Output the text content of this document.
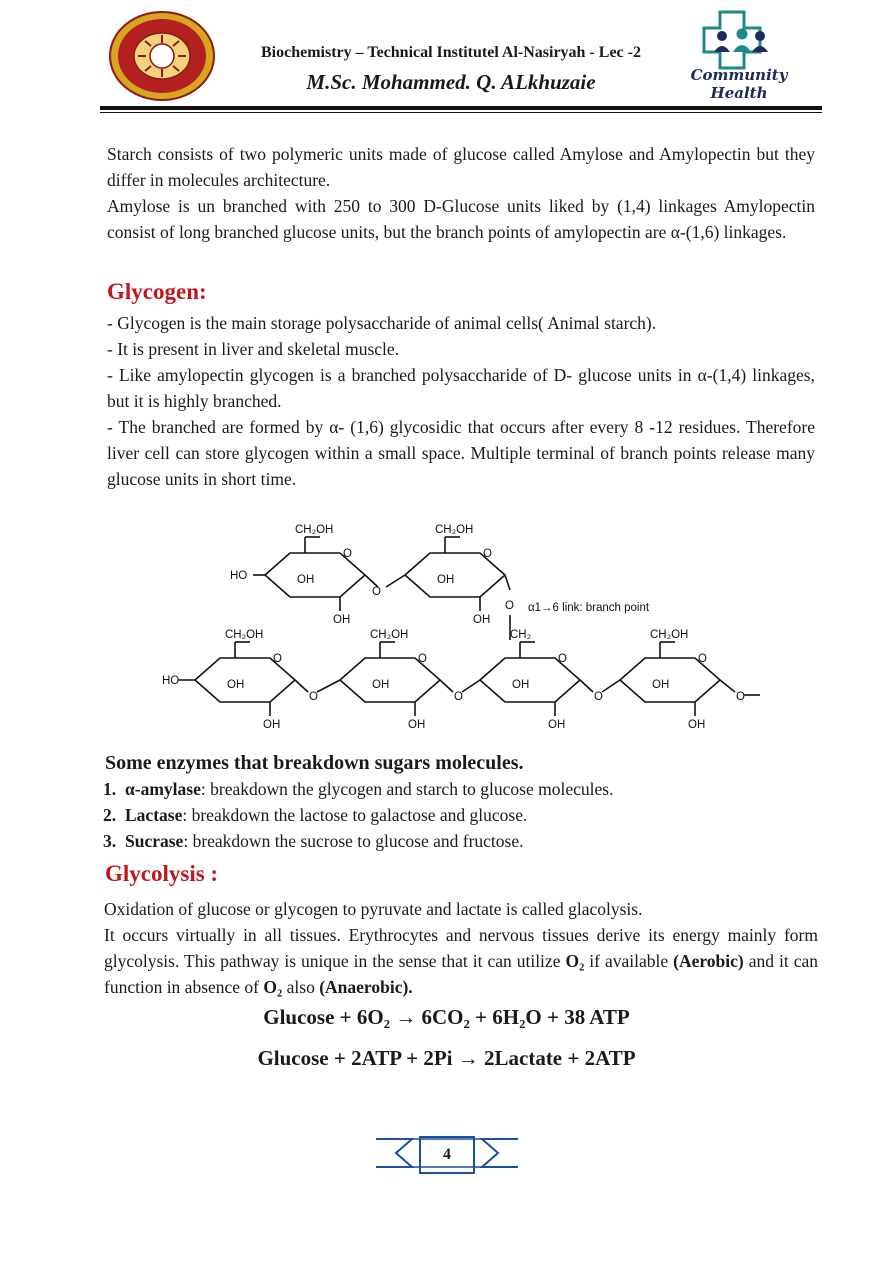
Biochemistry – Technical Institutel Al-Nasiryah - Lec -2
M.Sc. Mohammed. Q. ALkhuzaie	Community Health

Starch consists of two polymeric units made of glucose called Amylose and Amylopectin but they differ in molecules architecture.

Amylose is un branched with 250 to 300 D-Glucose units liked by (1,4) linkages Amylopectin consist of long branched glucose units, but the branch points of amylopectin are α-(1,6) linkages.

Glycogen:

- Glycogen is the main storage polysaccharide of animal cells( Animal starch).

- It is present in liver and skeletal muscle.

- Like amylopectin glycogen is a branched polysaccharide of D- glucose units in α-(1,4) linkages, but it is highly branched.

- The branched are formed by α- (1,6) glycosidic that occurs after every 8 -12 residues. Therefore liver cell can store glycogen within a small space. Multiple terminal of branch points release many glucose units in short time.

CH₂OH
O
OH
OH
CH₂OH
O
OH
OH
HO
O
O α1→6 link: branch point
CH₂OH
O
OH
OH
CH₂OH
O
OH
OH
CH₂
O
OH
OH
CH₂OH
O
OH
OH
HO
O	O	O	O
Some enzymes that breakdown sugars molecules.
1. α-amylase: breakdown the glycogen and starch to glucose molecules.
2. Lactase: breakdown the lactose to galactose and glucose.
3. Sucrase: breakdown the sucrose to glucose and fructose.
Glycolysis :

Oxidation of glucose or glycogen to pyruvate and lactate is called glacolysis.

It occurs virtually in all tissues. Erythrocytes and nervous tissues derive its energy mainly form glycolysis. This pathway is unique in the sense that it can utilize O₂ if available (Aerobic) and it can function in absence of O₂ also (Anaerobic).

Glucose + 6O₂ → 6CO₂ + 6H₂O + 38 ATP
Glucose + 2ATP + 2Pi → 2Lactate + 2ATP
4
